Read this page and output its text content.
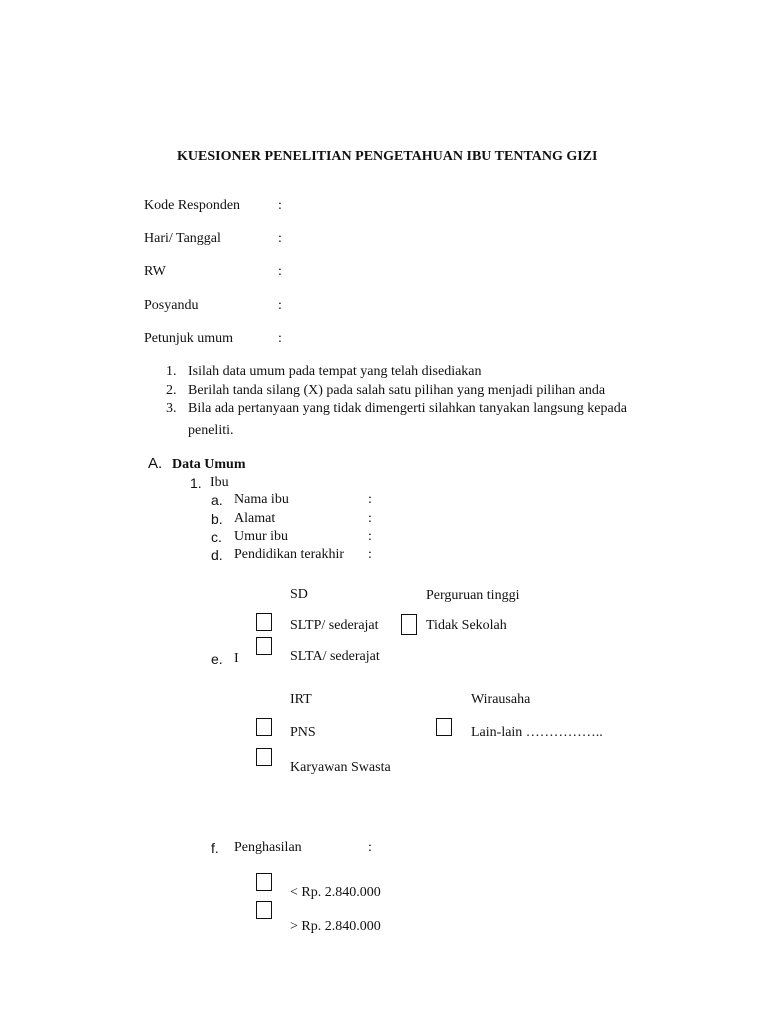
KUESIONER PENELITIAN PENGETAHUAN IBU TENTANG GIZI
Kode Responden	:
Hari/ Tanggal	:
RW	:
Posyandu	:
Petunjuk umum	:
1. Isilah data umum pada tempat yang telah disediakan
2. Berilah tanda silang (X) pada salah satu pilihan yang menjadi pilihan anda
3. Bila ada pertanyaan yang tidak dimengerti silahkan tanyakan langsung kepada
peneliti.
A. Data Umum
1. Ibu
a. Nama ibu	:
b. Alamat	:
c. Umur ibu	:
d. Pendidikan terakhir :
SD	Perguruan tinggi
SLTP/ sederajat	Tidak Sekolah
SLTA/ sederajat
e. I
IRT	Wirausaha
PNS	Lain-lain ……………..
Karyawan Swasta
f. Penghasilan	:
< Rp. 2.840.000
> Rp. 2.840.000
